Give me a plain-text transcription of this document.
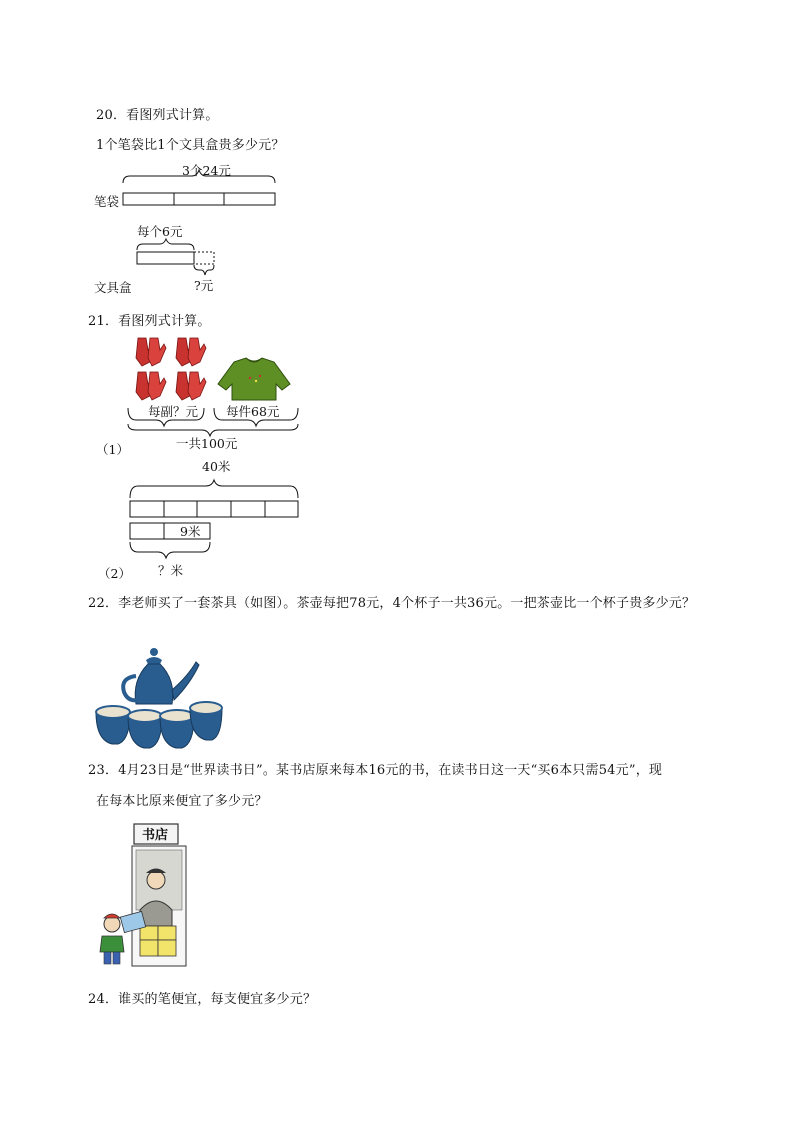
20．看图列式计算。
1个笔袋比1个文具盒贵多少元？
3个24元
笔袋
每个6元
?元
文具盒
21．看图列式计算。
每副？元 每件68元
一共100元
（1）
40米
9米
？米
（2）
22．李老师买了一套茶具（如图）。茶壶每把78元，4个杯子一共36元。一把茶壶比一个杯子贵多少元？
23．4月23日是“世界读书日”。某书店原来每本16元的书，在读书日这一天“买6本只需54元”，现
在每本比原来便宜了多少元？
书店
24．谁买的笔便宜，每支便宜多少元？
